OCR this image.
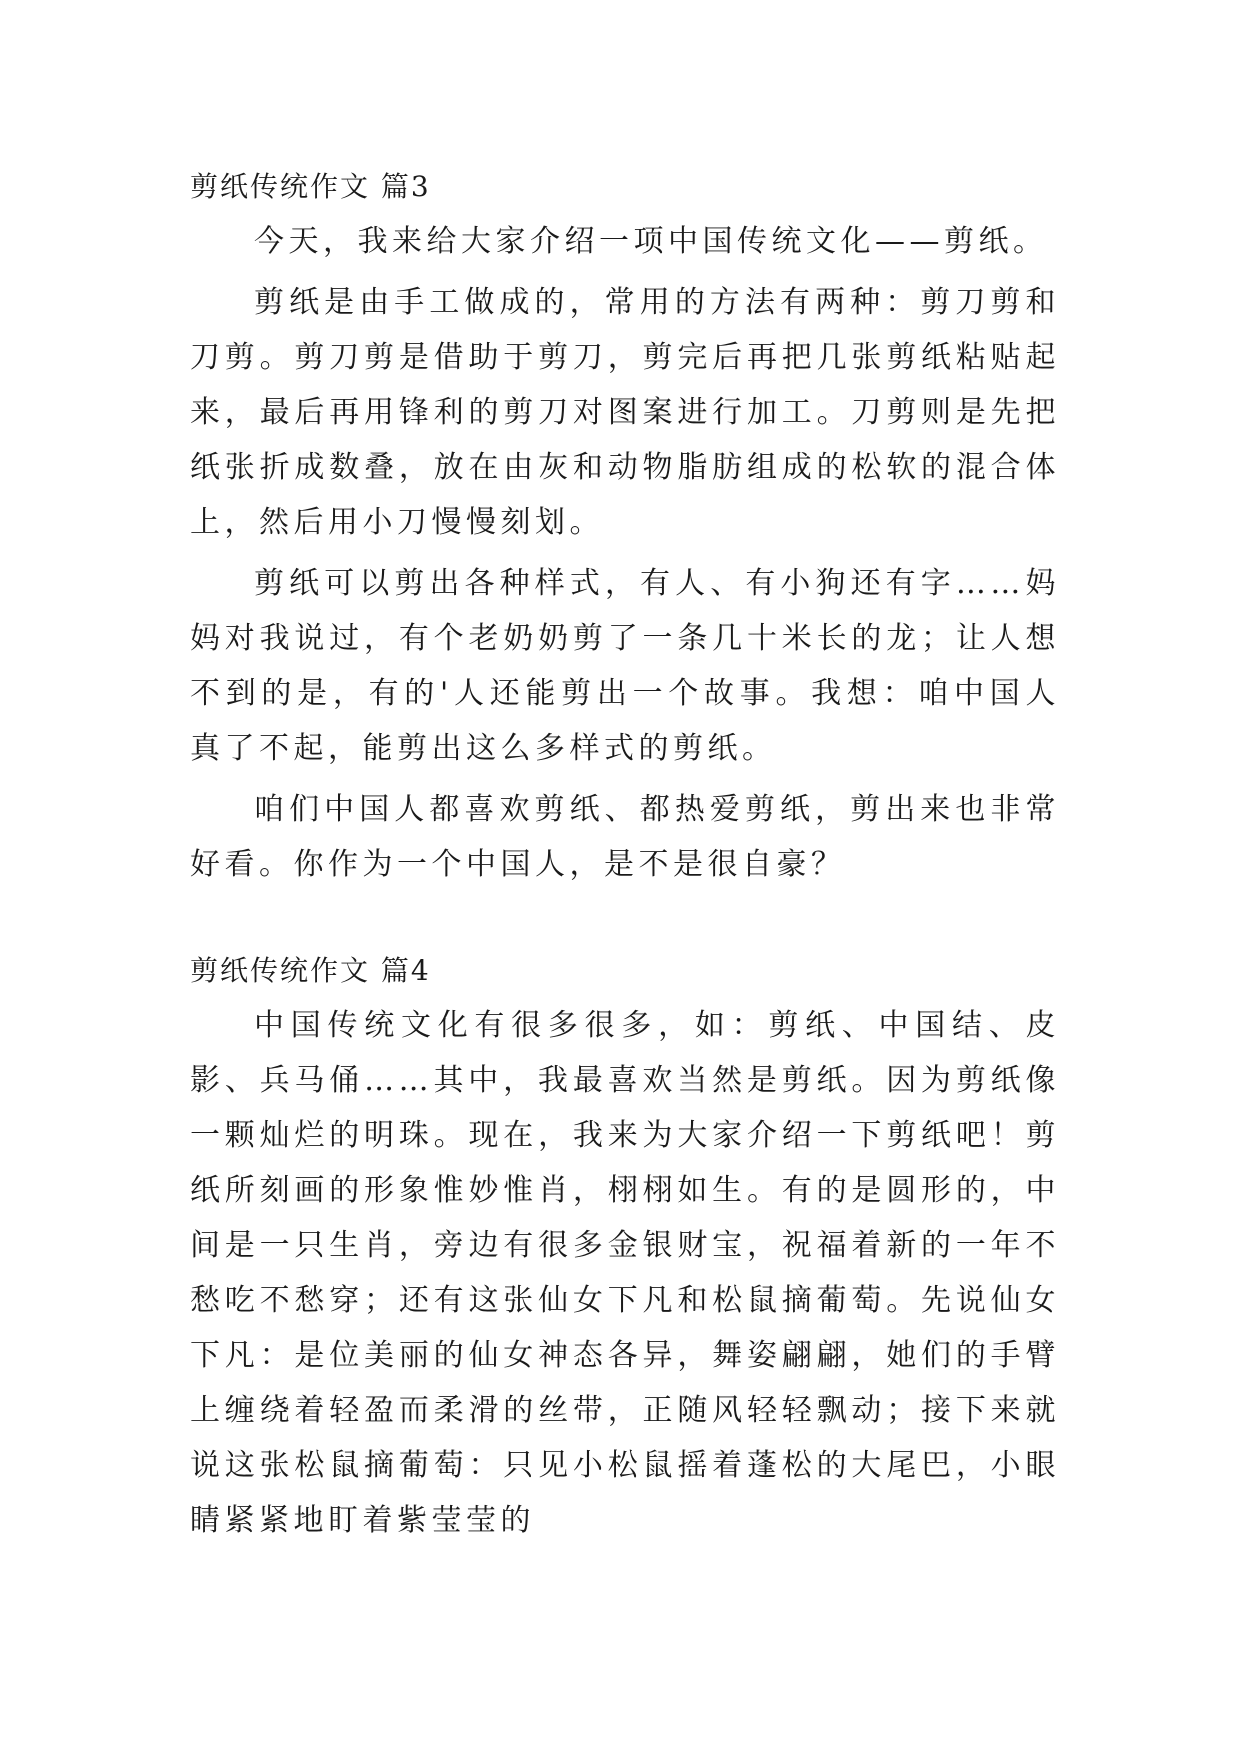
剪纸传统作文 篇3

今天，我来给大家介绍一项中国传统文化——剪纸。

剪纸是由手工做成的，常用的方法有两种：剪刀剪和刀剪。剪刀剪是借助于剪刀，剪完后再把几张剪纸粘贴起来，最后再用锋利的剪刀对图案进行加工。刀剪则是先把纸张折成数叠，放在由灰和动物脂肪组成的松软的混合体上，然后用小刀慢慢刻划。

剪纸可以剪出各种样式，有人、有小狗还有字……妈妈对我说过，有个老奶奶剪了一条几十米长的龙；让人想不到的是，有的'人还能剪出一个故事。我想：咱中国人真了不起，能剪出这么多样式的剪纸。

咱们中国人都喜欢剪纸、都热爱剪纸，剪出来也非常好看。你作为一个中国人，是不是很自豪？

剪纸传统作文 篇4

中国传统文化有很多很多，如：剪纸、中国结、皮影、兵马俑……其中，我最喜欢当然是剪纸。因为剪纸像一颗灿烂的明珠。现在，我来为大家介绍一下剪纸吧！剪纸所刻画的形象惟妙惟肖，栩栩如生。有的是圆形的，中间是一只生肖，旁边有很多金银财宝，祝福着新的一年不愁吃不愁穿；还有这张仙女下凡和松鼠摘葡萄。先说仙女下凡：是位美丽的仙女神态各异，舞姿翩翩，她们的手臂上缠绕着轻盈而柔滑的丝带，正随风轻轻飘动；接下来就说这张松鼠摘葡萄：只见小松鼠摇着蓬松的大尾巴，小眼睛紧紧地盯着紫莹莹的
